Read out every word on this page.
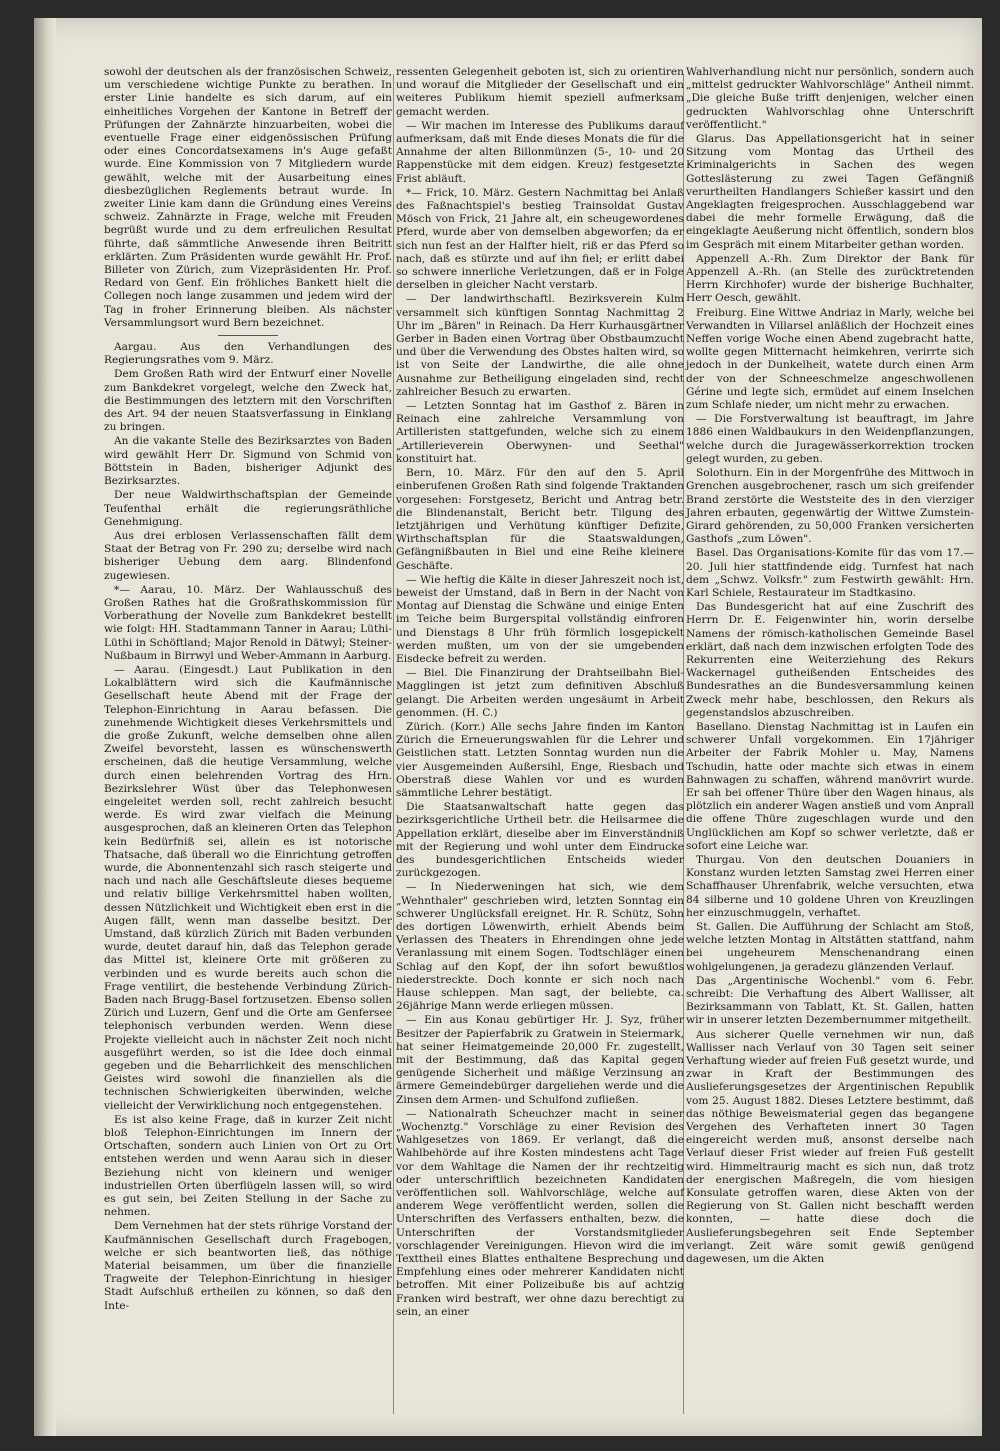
sowohl der deutschen als der französischen Schweiz, um verschiedene wichtige Punkte zu berathen. In erster Linie handelte es sich darum, auf ein einheitliches Vorgehen der Kantone in Betreff der Prüfungen der Zahnärzte hinzuarbeiten, wobei die eventuelle Frage einer eidgenössischen Prüfung oder eines Concordatsexamens in's Auge gefaßt wurde. Eine Kommission von 7 Mitgliedern wurde gewählt, welche mit der Ausarbeitung eines diesbezüglichen Reglements betraut wurde. In zweiter Linie kam dann die Gründung eines Vereins schweiz. Zahnärzte in Frage, welche mit Freuden begrüßt wurde und zu dem erfreulichen Resultat führte, daß sämmtliche Anwesende ihren Beitritt erklärten. Zum Präsidenten wurde gewählt Hr. Prof. Billeter von Zürich, zum Vizepräsidenten Hr. Prof. Redard von Genf. Ein fröhliches Bankett hielt die Collegen noch lange zusammen und jedem wird der Tag in froher Erinnerung bleiben. Als nächster Versammlungsort wurd Bern bezeichnet.

Aargau. Aus den Verhandlungen des Regierungsrathes vom 9. März.

Dem Großen Rath wird der Entwurf einer Novelle zum Bankdekret vorgelegt, welche den Zweck hat, die Bestimmungen des letztern mit den Vorschriften des Art. 94 der neuen Staatsverfassung in Einklang zu bringen.

An die vakante Stelle des Bezirksarztes von Baden wird gewählt Herr Dr. Sigmund von Schmid von Böttstein in Baden, bisheriger Adjunkt des Bezirksarztes.

Der neue Waldwirthschaftsplan der Gemeinde Teufenthal erhält die regierungsräthliche Genehmigung.

Aus drei erblosen Verlassenschaften fällt dem Staat der Betrag von Fr. 290 zu; derselbe wird nach bisheriger Uebung dem aarg. Blindenfond zugewiesen.

*— Aarau, 10. März. Der Wahlausschuß des Großen Rathes hat die Großrathskommission für Vorberathung der Novelle zum Bankdekret bestellt wie folgt: HH. Stadtammann Tanner in Aarau; Lüthi-Lüthi in Schöftland; Major Renold in Dätwyl; Steiner-Nußbaum in Birrwyl und Weber-Ammann in Aarburg.

— Aarau. (Eingesdt.) Laut Publikation in den Lokalblättern wird sich die Kaufmännische Gesellschaft heute Abend mit der Frage der Telephon-Einrichtung in Aarau befassen. Die zunehmende Wichtigkeit dieses Verkehrsmittels und die große Zukunft, welche demselben ohne allen Zweifel bevorsteht, lassen es wünschenswerth erscheinen, daß die heutige Versammlung, welche durch einen belehrenden Vortrag des Hrn. Bezirkslehrer Wüst über das Telephonwesen eingeleitet werden soll, recht zahlreich besucht werde. Es wird zwar vielfach die Meinung ausgesprochen, daß an kleineren Orten das Telephon kein Bedürfniß sei, allein es ist notorische Thatsache, daß überall wo die Einrichtung getroffen wurde, die Abonnentenzahl sich rasch steigerte und nach und nach alle Geschäftsleute dieses bequeme und relativ billige Verkehrsmittel haben wollten, dessen Nützlichkeit und Wichtigkeit eben erst in die Augen fällt, wenn man dasselbe besitzt. Der Umstand, daß kürzlich Zürich mit Baden verbunden wurde, deutet darauf hin, daß das Telephon gerade das Mittel ist, kleinere Orte mit größeren zu verbinden und es wurde bereits auch schon die Frage ventilirt, die bestehende Verbindung Zürich-Baden nach Brugg-Basel fortzusetzen. Ebenso sollen Zürich und Luzern, Genf und die Orte am Genfersee telephonisch verbunden werden. Wenn diese Projekte vielleicht auch in nächster Zeit noch nicht ausgeführt werden, so ist die Idee doch einmal gegeben und die Beharrlichkeit des menschlichen Geistes wird sowohl die finanziellen als die technischen Schwierigkeiten überwinden, welche vielleicht der Verwirklichung noch entgegenstehen.

Es ist also keine Frage, daß in kurzer Zeit nicht bloß Telephon-Einrichtungen im Innern der Ortschaften, sondern auch Linien von Ort zu Ort entstehen werden und wenn Aarau sich in dieser Beziehung nicht von kleinern und weniger industriellen Orten überflügeln lassen will, so wird es gut sein, bei Zeiten Stellung in der Sache zu nehmen.

Dem Vernehmen hat der stets rührige Vorstand der Kaufmännischen Gesellschaft durch Fragebogen, welche er sich beantworten ließ, das nöthige Material beisammen, um über die finanzielle Tragweite der Telephon-Einrichtung in hiesiger Stadt Aufschluß ertheilen zu können, so daß den Inte-

ressenten Gelegenheit geboten ist, sich zu orientiren und worauf die Mitglieder der Gesellschaft und ein weiteres Publikum hiemit speziell aufmerksam gemacht werden.

— Wir machen im Interesse des Publikums darauf aufmerksam, daß mit Ende dieses Monats die für die Annahme der alten Billonmünzen (5-, 10- und 20 Rappenstücke mit dem eidgen. Kreuz) festgesetzte Frist abläuft.

*— Frick, 10. März. Gestern Nachmittag bei Anlaß des Faßnachtspiel's bestieg Trainsoldat Gustav Mösch von Frick, 21 Jahre alt, ein scheugewordenes Pferd, wurde aber von demselben abgeworfen; da er sich nun fest an der Halfter hielt, riß er das Pferd so nach, daß es stürzte und auf ihn fiel; er erlitt dabei so schwere innerliche Verletzungen, daß er in Folge derselben in gleicher Nacht verstarb.

— Der landwirthschaftl. Bezirksverein Kulm versammelt sich künftigen Sonntag Nachmittag 2 Uhr im „Bären" in Reinach. Da Herr Kurhausgärtner Gerber in Baden einen Vortrag über Obstbaumzucht und über die Verwendung des Obstes halten wird, so ist von Seite der Landwirthe, die alle ohne Ausnahme zur Betheiligung eingeladen sind, recht zahlreicher Besuch zu erwarten.

— Letzten Sonntag hat im Gasthof z. Bären in Reinach eine zahlreiche Versammlung von Artilleristen stattgefunden, welche sich zu einem „Artillerieverein Oberwynen- und Seethal" konstituirt hat.

Bern, 10. März. Für den auf den 5. April einberufenen Großen Rath sind folgende Traktanden vorgesehen: Forstgesetz, Bericht und Antrag betr. die Blindenanstalt, Bericht betr. Tilgung des letztjährigen und Verhütung künftiger Defizite, Wirthschaftsplan für die Staatswaldungen, Gefängnißbauten in Biel und eine Reihe kleinere Geschäfte.

— Wie heftig die Kälte in dieser Jahreszeit noch ist, beweist der Umstand, daß in Bern in der Nacht von Montag auf Dienstag die Schwäne und einige Enten im Teiche beim Burgerspital vollständig einfroren und Dienstags 8 Uhr früh förmlich losgepickelt werden mußten, um von der sie umgebenden Eisdecke befreit zu werden.

— Biel. Die Finanzirung der Drahtseilbahn Biel-Magglingen ist jetzt zum definitiven Abschluß gelangt. Die Arbeiten werden ungesäumt in Arbeit genommen. (H. C.)

Zürich. (Korr.) Alle sechs Jahre finden im Kanton Zürich die Erneuerungswahlen für die Lehrer und Geistlichen statt. Letzten Sonntag wurden nun die vier Ausgemeinden Außersihl, Enge, Riesbach und Oberstraß diese Wahlen vor und es wurden sämmtliche Lehrer bestätigt.

Die Staatsanwaltschaft hatte gegen das bezirksgerichtliche Urtheil betr. die Heilsarmee die Appellation erklärt, dieselbe aber im Einverständniß mit der Regierung und wohl unter dem Eindrucke des bundesgerichtlichen Entscheids wieder zurückgezogen.

— In Niederweningen hat sich, wie dem „Wehnthaler" geschrieben wird, letzten Sonntag ein schwerer Unglücksfall ereignet. Hr. R. Schütz, Sohn des dortigen Löwenwirth, erhielt Abends beim Verlassen des Theaters in Ehrendingen ohne jede Veranlassung mit einem Sogen. Todtschläger einen Schlag auf den Kopf, der ihn sofort bewußtlos niederstreckte. Doch konnte er sich noch nach Hause schleppen. Man sagt, der beliebte, ca. 26jährige Mann werde erliegen müssen.

— Ein aus Konau gebürtiger Hr. J. Syz, früher Besitzer der Papierfabrik zu Gratwein in Steiermark, hat seiner Heimatgemeinde 20,000 Fr. zugestellt, mit der Bestimmung, daß das Kapital gegen genügende Sicherheit und mäßige Verzinsung an ärmere Gemeindebürger dargeliehen werde und die Zinsen dem Armen- und Schulfond zufließen.

— Nationalrath Scheuchzer macht in seiner „Wochenztg." Vorschläge zu einer Revision des Wahlgesetzes von 1869. Er verlangt, daß die Wahlbehörde auf ihre Kosten mindestens acht Tage vor dem Wahltage die Namen der ihr rechtzeitig oder unterschriftlich bezeichneten Kandidaten veröffentlichen soll. Wahlvorschläge, welche auf anderem Wege veröffentlicht werden, sollen die Unterschriften des Verfassers enthalten, bezw. die Unterschriften der Vorstandsmitglieder vorschlagender Vereinigungen. Hievon wird die im Texttheil eines Blattes enthaltene Besprechung und Empfehlung eines oder mehrerer Kandidaten nicht betroffen. Mit einer Polizeibuße bis auf achtzig Franken wird bestraft, wer ohne dazu berechtigt zu sein, an einer

Wahlverhandlung nicht nur persönlich, sondern auch „mittelst gedruckter Wahlvorschläge" Antheil nimmt. „Die gleiche Buße trifft denjenigen, welcher einen gedruckten Wahlvorschlag ohne Unterschrift veröffentlicht."

Glarus. Das Appellationsgericht hat in seiner Sitzung vom Montag das Urtheil des Kriminalgerichts in Sachen des wegen Gotteslästerung zu zwei Tagen Gefängniß verurtheilten Handlangers Schießer kassirt und den Angeklagten freigesprochen. Ausschlaggebend war dabei die mehr formelle Erwägung, daß die eingeklagte Aeußerung nicht öffentlich, sondern blos im Gespräch mit einem Mitarbeiter gethan worden.

Appenzell A.-Rh. Zum Direktor der Bank für Appenzell A.-Rh. (an Stelle des zurücktretenden Herrn Kirchhofer) wurde der bisherige Buchhalter, Herr Oesch, gewählt.

Freiburg. Eine Wittwe Andriaz in Marly, welche bei Verwandten in Villarsel anläßlich der Hochzeit eines Neffen vorige Woche einen Abend zugebracht hatte, wollte gegen Mitternacht heimkehren, verirrte sich jedoch in der Dunkelheit, watete durch einen Arm der von der Schneeschmelze angeschwollenen Gérine und legte sich, ermüdet auf einem Inselchen zum Schlafe nieder, um nicht mehr zu erwachen.

— Die Forstverwaltung ist beauftragt, im Jahre 1886 einen Waldbaukurs in den Weidenpflanzungen, welche durch die Juragewässerkorrektion trocken gelegt wurden, zu geben.

Solothurn. Ein in der Morgenfrühe des Mittwoch in Grenchen ausgebrochener, rasch um sich greifender Brand zerstörte die Weststeite des in den vierziger Jahren erbauten, gegenwärtig der Wittwe Zumstein-Girard gehörenden, zu 50,000 Franken versicherten Gasthofs „zum Löwen".

Basel. Das Organisations-Komite für das vom 17.—20. Juli hier stattfindende eidg. Turnfest hat nach dem „Schwz. Volksfr." zum Festwirth gewählt: Hrn. Karl Schiele, Restaurateur im Stadtkasino.

Das Bundesgericht hat auf eine Zuschrift des Herrn Dr. E. Feigenwinter hin, worin derselbe Namens der römisch-katholischen Gemeinde Basel erklärt, daß nach dem inzwischen erfolgten Tode des Rekurrenten eine Weiterziehung des Rekurs Wackernagel gutheißenden Entscheides des Bundesrathes an die Bundesversammlung keinen Zweck mehr habe, beschlossen, den Rekurs als gegenstandslos abzuschreiben.

Basellano. Dienstag Nachmittag ist in Laufen ein schwerer Unfall vorgekommen. Ein 17jähriger Arbeiter der Fabrik Mohler u. May, Namens Tschudin, hatte oder machte sich etwas in einem Bahnwagen zu schaffen, während manövrirt wurde. Er sah bei offener Thüre über den Wagen hinaus, als plötzlich ein anderer Wagen anstieß und vom Anprall die offene Thüre zugeschlagen wurde und den Unglücklichen am Kopf so schwer verletzte, daß er sofort eine Leiche war.

Thurgau. Von den deutschen Douaniers in Konstanz wurden letzten Samstag zwei Herren einer Schaffhauser Uhrenfabrik, welche versuchten, etwa 84 silberne und 10 goldene Uhren von Kreuzlingen her einzuschmuggeln, verhaftet.

St. Gallen. Die Aufführung der Schlacht am Stoß, welche letzten Montag in Altstätten stattfand, nahm bei ungeheurem Menschenandrang einen wohlgelungenen, ja geradezu glänzenden Verlauf.

Das „Argentinische Wochenbl." vom 6. Febr. schreibt: Die Verhaftung des Albert Wallisser, alt Bezirksammann von Tablatt, Kt. St. Gallen, hatten wir in unserer letzten Dezembernummer mitgetheilt.

Aus sicherer Quelle vernehmen wir nun, daß Wallisser nach Verlauf von 30 Tagen seit seiner Verhaftung wieder auf freien Fuß gesetzt wurde, und zwar in Kraft der Bestimmungen des Auslieferungsgesetzes der Argentinischen Republik vom 25. August 1882. Dieses Letztere bestimmt, daß das nöthige Beweismaterial gegen das begangene Vergehen des Verhafteten innert 30 Tagen eingereicht werden muß, ansonst derselbe nach Verlauf dieser Frist wieder auf freien Fuß gestellt wird. Himmeltraurig macht es sich nun, daß trotz der energischen Maßregeln, die vom hiesigen Konsulate getroffen waren, diese Akten von der Regierung von St. Gallen nicht beschafft werden konnten, — hatte diese doch die Auslieferungsbegehren seit Ende September verlangt. Zeit wäre somit gewiß genügend dagewesen, um die Akten
